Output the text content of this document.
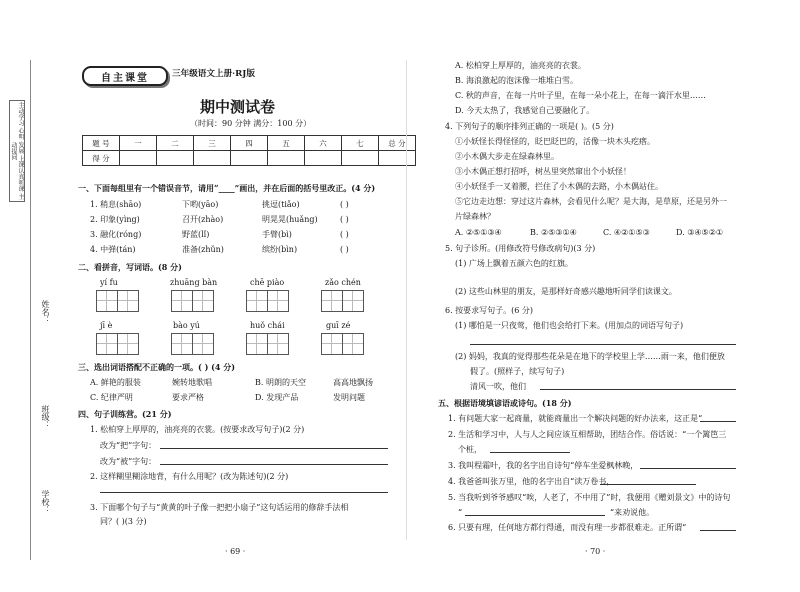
主动学习 心明 发展 上课认真听课 主动提问
姓名：
班级：
学校：
自主课堂	三年级语文上册·RJ版
期中测试卷
（时间：90 分钟 满分：100 分）
题 号	一	二	三	四	五	六	七	总 分
得 分								
一、下面每组里有一个错误音节，请用“____”画出，并在后面的括号里改正。(4 分)
1. 稍息(shāo)	下哟(yāo)	挑逗(tiǎo)	( )
2. 印象(yìng)	召开(zhào)	明晃晃(huǎng)	( )
3. 融化(róng)	野蓝(lǐ)	手臂(bì)	( )
4. 中弹(tán)	准备(zhǔn)	缤纷(bìn)	( )
二、看拼音，写词语。(8 分)
yí fu	zhuāng bàn	chē piào	zǎo chén
jī è	bào yú	huǒ chái	guī zé
三、选出词语搭配不正确的一项。( ) (4 分)
A. 鲜艳的服装	婉转地歌唱	B. 明朗的天空	高高地飘扬
C. 纪律严明	要求严格	D. 发现产品	发明问题
四、句子训练营。(21 分)
1. 松柏穿上厚厚的，油亮亮的衣裳。(按要求改写句子)(2 分)
改为“把”字句：
改为“被”字句：
2. 这样糊里糊涂地背，有什么用呢？(改为陈述句)(2 分)
3. 下面哪个句子与“黄黄的叶子像一把把小扇子”这句话运用的修辞手法相
同？( )(3 分)
· 69 ·
A. 松柏穿上厚厚的，油亮亮的衣裳。
B. 海浪激起的泡沫像一堆堆白雪。
C. 秋的声音，在每一片叶子里，在每一朵小花上，在每一滴汗水里……
D. 今天太热了，我感觉自己要融化了。
4. 下列句子的顺序排列正确的一项是( )。(5 分)
①小妖怪长得怪怪的，眨巴眨巴的，活像一块木头疙瘩。
②小木偶大步走在绿森林里。
③小木偶正想打招呼，树丛里突然窜出个小妖怪！
④小妖怪手一叉着腰，拦住了小木偶的去路，小木偶站住。
⑤它边走边想：穿过这片森林，会看见什么呢？是大海，是草原，还是另外一
片绿森林？
A. ②⑤①③④	B. ②⑤③①④	C. ④②①⑤③	D. ③④⑤②①
5. 句子诊所。(用修改符号修改病句)(3 分)
(1) 广场上飘着五颜六色的红旗。
(2) 这些山林里的朋友，是那样好奇感兴趣地听同学们读课文。
6. 按要求写句子。(6 分)
(1) 哪怕是一只夜莺，他们也会给打下来。(用加点的词语写句子)
(2) 妈妈，我真的觉得那些花朵是在地下的学校里上学……雨一来，他们便放
假了。(照样子，续写句子)
清风一吹，他们
五、根据语境填谚语或诗句。(18 分)
1. 有问题大家一起商量，就能商量出一个解决问题的好办法来，这正是“
2. 生活和学习中，人与人之间应该互相帮助，团结合作。俗话说：“一个篱笆三
个桩，
3. 我叫程霜叶，我的名字出自诗句“停车坐爱枫林晚，
4. 我爸爸叫张万里，他的名字出自“读万卷书，
5. 当我听到爷爷感叹“唉，人老了，不中用了”时，我便用《赠刘景文》中的诗句
“
6. 只要有理，任何地方都行得通，而没有理一步都很难走。正所谓“
“来劝说他。
· 70 ·
